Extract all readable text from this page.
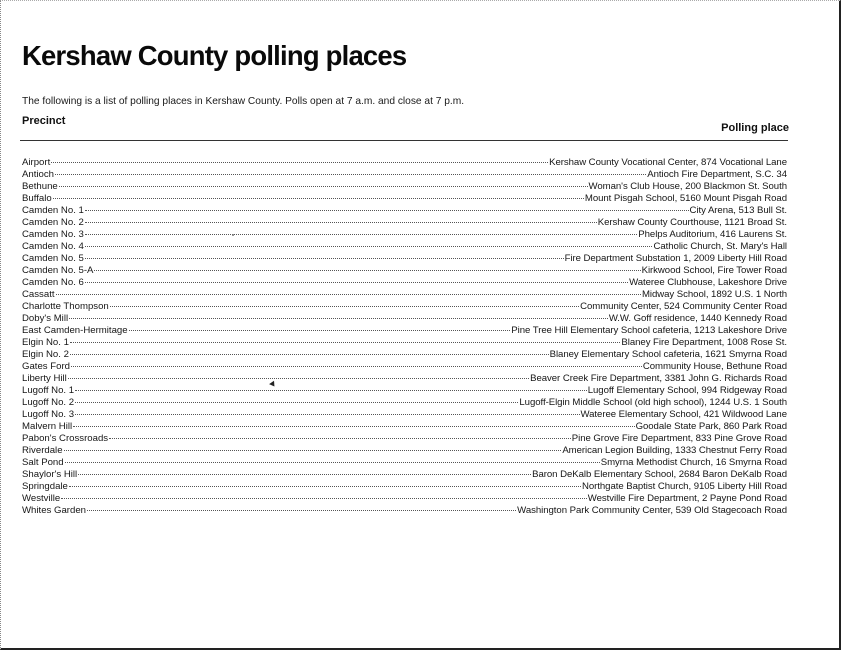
Kershaw County polling places
The following is a list of polling places in Kershaw County. Polls open at 7 a.m. and close at 7 p.m.
Precinct
Polling place
Airport	Kershaw County Vocational Center, 874 Vocational Lane
Antioch	Antioch Fire Department, S.C. 34
Bethune	Woman's Club House, 200 Blackmon St. South
Buffalo	Mount Pisgah School, 5160 Mount Pisgah Road
Camden No. 1	City Arena, 513 Bull St.
Camden No. 2	Kershaw County Courthouse, 1121 Broad St.
Camden No. 3	Phelps Auditorium, 416 Laurens St.
Camden No. 4	Catholic Church, St. Mary's Hall
Camden No. 5	Fire Department Substation 1, 2009 Liberty Hill Road
Camden No. 5-A	Kirkwood School, Fire Tower Road
Camden No. 6	Wateree Clubhouse, Lakeshore Drive
Cassatt	Midway School, 1892 U.S. 1 North
Charlotte Thompson	Community Center, 524 Community Center Road
Doby's Mill	W.W. Goff residence, 1440 Kennedy Road
East Camden-Hermitage	Pine Tree Hill Elementary School cafeteria, 1213 Lakeshore Drive
Elgin No. 1	Blaney Fire Department, 1008 Rose St.
Elgin No. 2	Blaney Elementary School cafeteria, 1621 Smyrna Road
Gates Ford	Community House, Bethune Road
Liberty Hill	Beaver Creek Fire Department, 3381 John G. Richards Road
Lugoff No. 1	Lugoff Elementary School, 994 Ridgeway Road
Lugoff No. 2	Lugoff-Elgin Middle School (old high school), 1244 U.S. 1 South
Lugoff No. 3	Wateree Elementary School, 421 Wildwood Lane
Malvern Hill	Goodale State Park, 860 Park Road
Pabon's Crossroads	Pine Grove Fire Department, 833 Pine Grove Road
Riverdale	American Legion Building, 1333 Chestnut Ferry Road
Salt Pond	Smyrna Methodist Church, 16 Smyrna Road
Shaylor's Hill	Baron DeKalb Elementary School, 2684 Baron DeKalb Road
Springdale	Northgate Baptist Church, 9105 Liberty Hill Road
Westville	Westville Fire Department, 2 Payne Pond Road
Whites Garden	Washington Park Community Center, 539 Old Stagecoach Road
